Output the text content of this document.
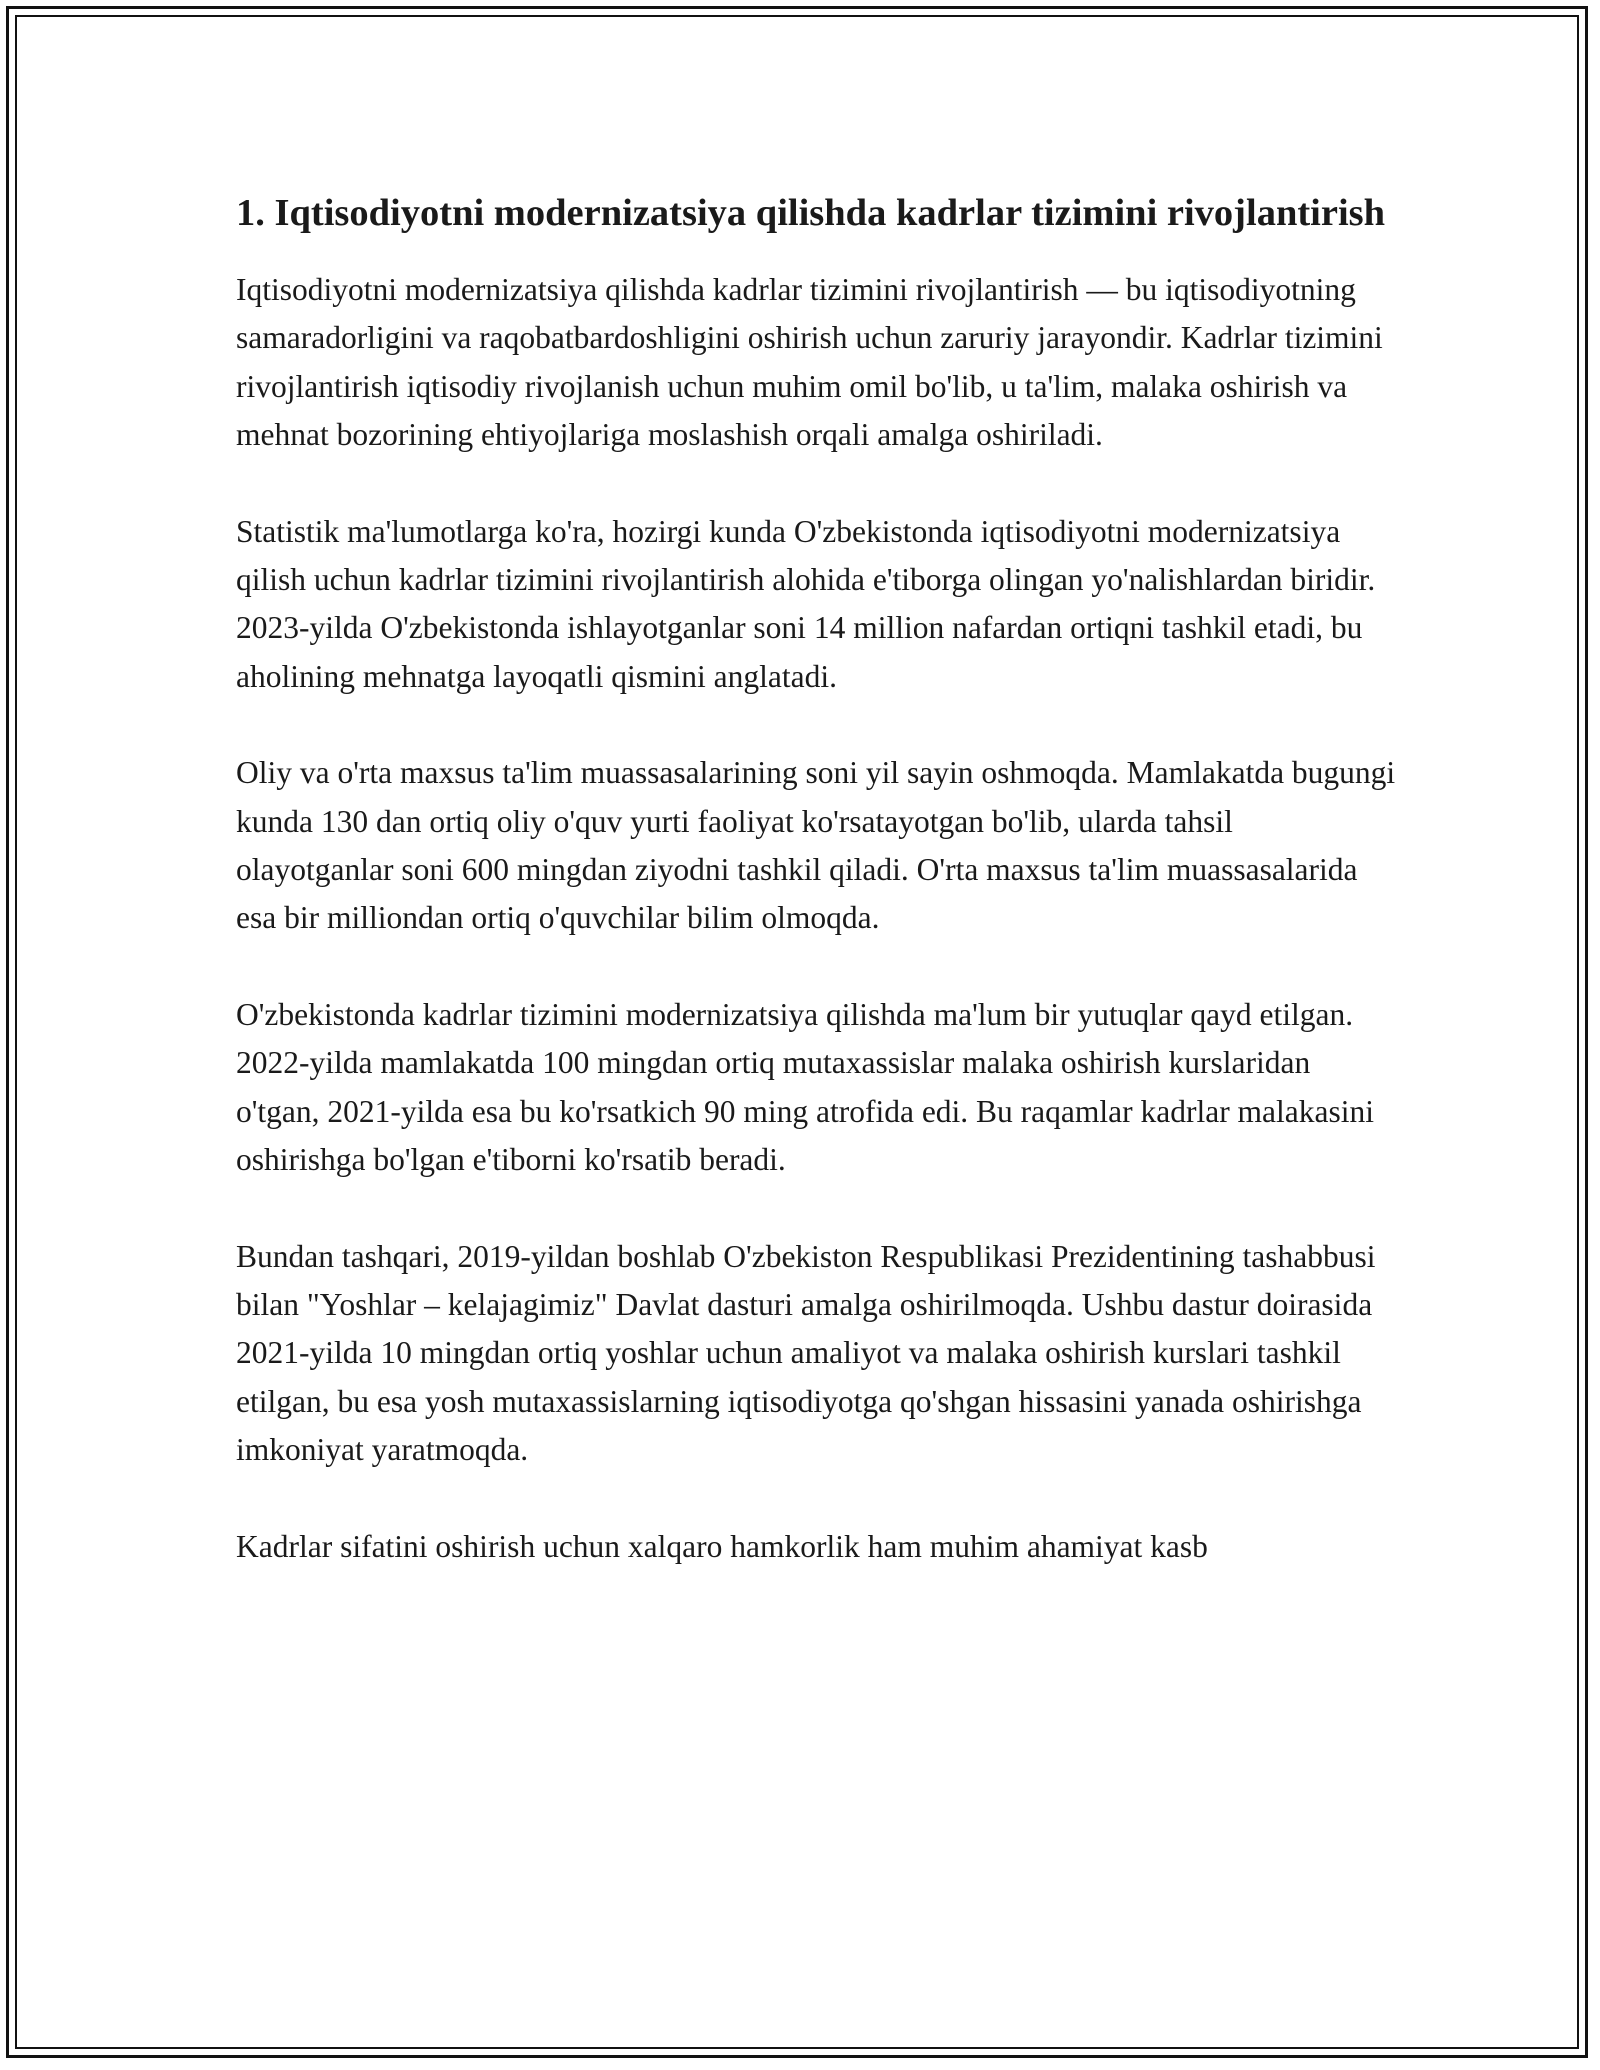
1. Iqtisodiyotni modernizatsiya qilishda kadrlar tizimini rivojlantirish

Iqtisodiyotni modernizatsiya qilishda kadrlar tizimini rivojlantirish — bu iqtisodiyotning samaradorligini va raqobatbardoshligini oshirish uchun zaruriy jarayondir. Kadrlar tizimini rivojlantirish iqtisodiy rivojlanish uchun muhim omil bo'lib, u ta'lim, malaka oshirish va mehnat bozorining ehtiyojlariga moslashish orqali amalga oshiriladi.

Statistik ma'lumotlarga ko'ra, hozirgi kunda O'zbekistonda iqtisodiyotni modernizatsiya qilish uchun kadrlar tizimini rivojlantirish alohida e'tiborga olingan yo'nalishlardan biridir. 2023-yilda O'zbekistonda ishlayotganlar soni 14 million nafardan ortiqni tashkil etadi, bu aholining mehnatga layoqatli qismini anglatadi.

Oliy va o'rta maxsus ta'lim muassasalarining soni yil sayin oshmoqda. Mamlakatda bugungi kunda 130 dan ortiq oliy o'quv yurti faoliyat ko'rsatayotgan bo'lib, ularda tahsil olayotganlar soni 600 mingdan ziyodni tashkil qiladi. O'rta maxsus ta'lim muassasalarida esa bir milliondan ortiq o'quvchilar bilim olmoqda.

O'zbekistonda kadrlar tizimini modernizatsiya qilishda ma'lum bir yutuqlar qayd etilgan. 2022-yilda mamlakatda 100 mingdan ortiq mutaxassislar malaka oshirish kurslaridan o'tgan, 2021-yilda esa bu ko'rsatkich 90 ming atrofida edi. Bu raqamlar kadrlar malakasini oshirishga bo'lgan e'tiborni ko'rsatib beradi.

Bundan tashqari, 2019-yildan boshlab O'zbekiston Respublikasi Prezidentining tashabbusi bilan "Yoshlar – kelajagimiz" Davlat dasturi amalga oshirilmoqda. Ushbu dastur doirasida 2021-yilda 10 mingdan ortiq yoshlar uchun amaliyot va malaka oshirish kurslari tashkil etilgan, bu esa yosh mutaxassislarning iqtisodiyotga qo'shgan hissasini yanada oshirishga imkoniyat yaratmoqda.

Kadrlar sifatini oshirish uchun xalqaro hamkorlik ham muhim ahamiyat kasb
